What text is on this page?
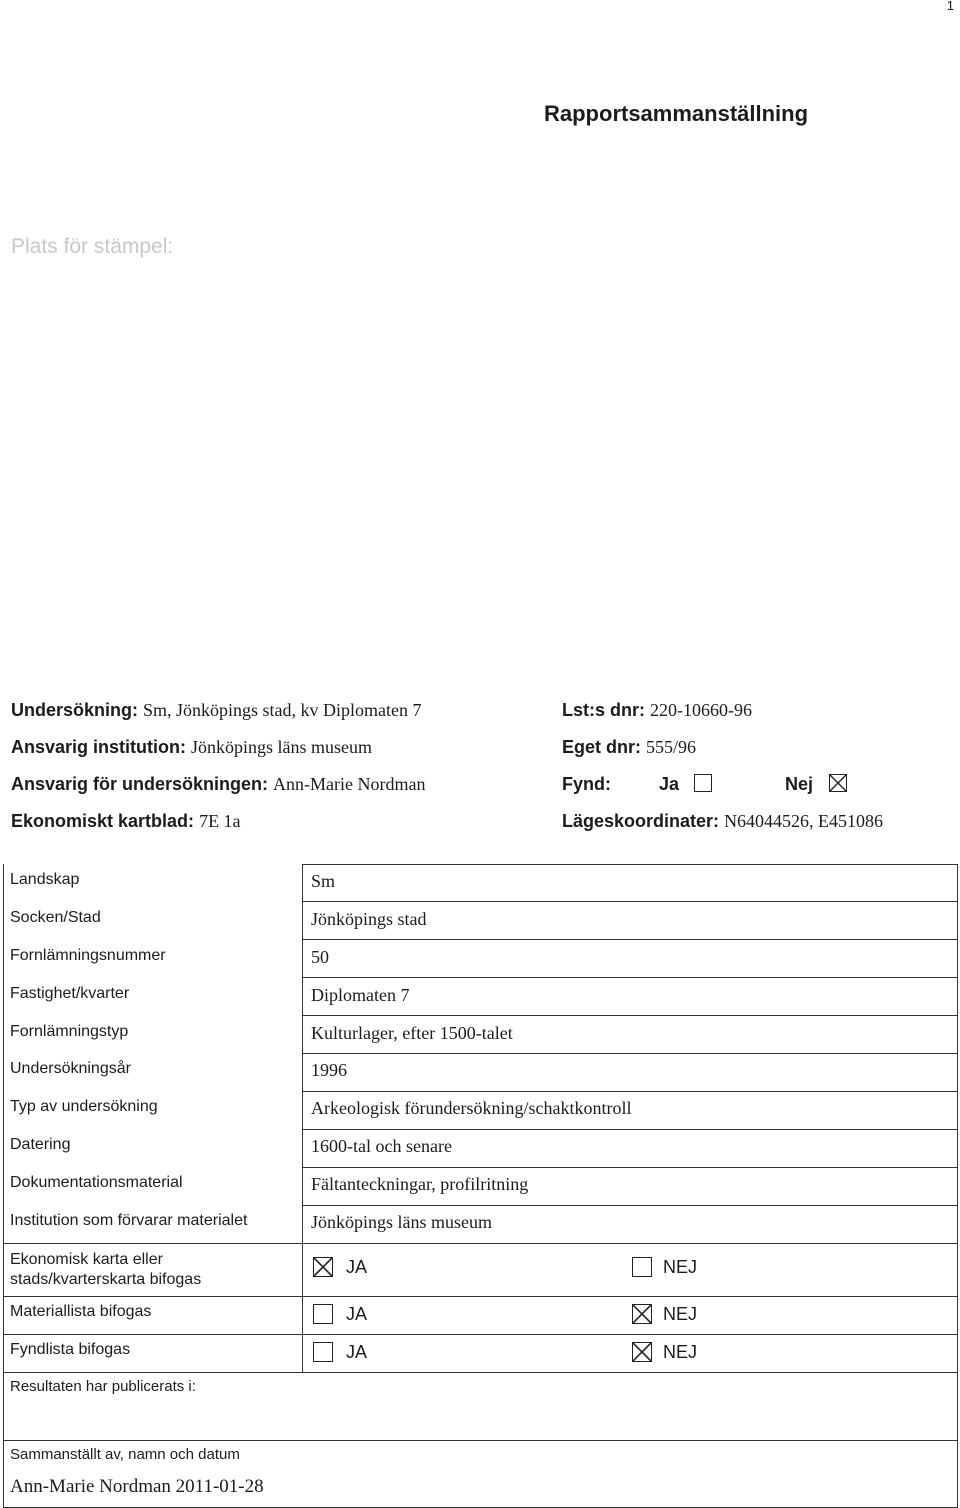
1
Rapportsammanställning
Plats för stämpel:
Undersökning: Sm, Jönköpings stad, kv Diplomaten 7
Ansvarig institution: Jönköpings läns museum
Ansvarig för undersökningen: Ann-Marie Nordman
Ekonomiskt kartblad: 7E 1a
Lst:s dnr: 220-10660-96
Eget dnr: 555/96
Fynd:	Ja	Nej
Lägeskoordinater: N64044526, E451086
Landskap	Sm
Socken/Stad	Jönköpings stad
Fornlämningsnummer	50
Fastighet/kvarter	Diplomaten 7
Fornlämningstyp	Kulturlager, efter 1500-talet
Undersökningsår	1996
Typ av undersökning	Arkeologisk förundersökning/schaktkontroll
Datering	1600-tal och senare
Dokumentationsmaterial	Fältanteckningar, profilritning
Institution som förvarar materialet	Jönköpings läns museum
Ekonomisk karta eller
stads/kvarterskarta bifogas
JA	NEJ
Materiallista bifogas	JA	NEJ
Fyndlista bifogas	JA	NEJ
Resultaten har publicerats i:
Sammanställt av, namn och datum
Ann-Marie Nordman 2011-01-28
